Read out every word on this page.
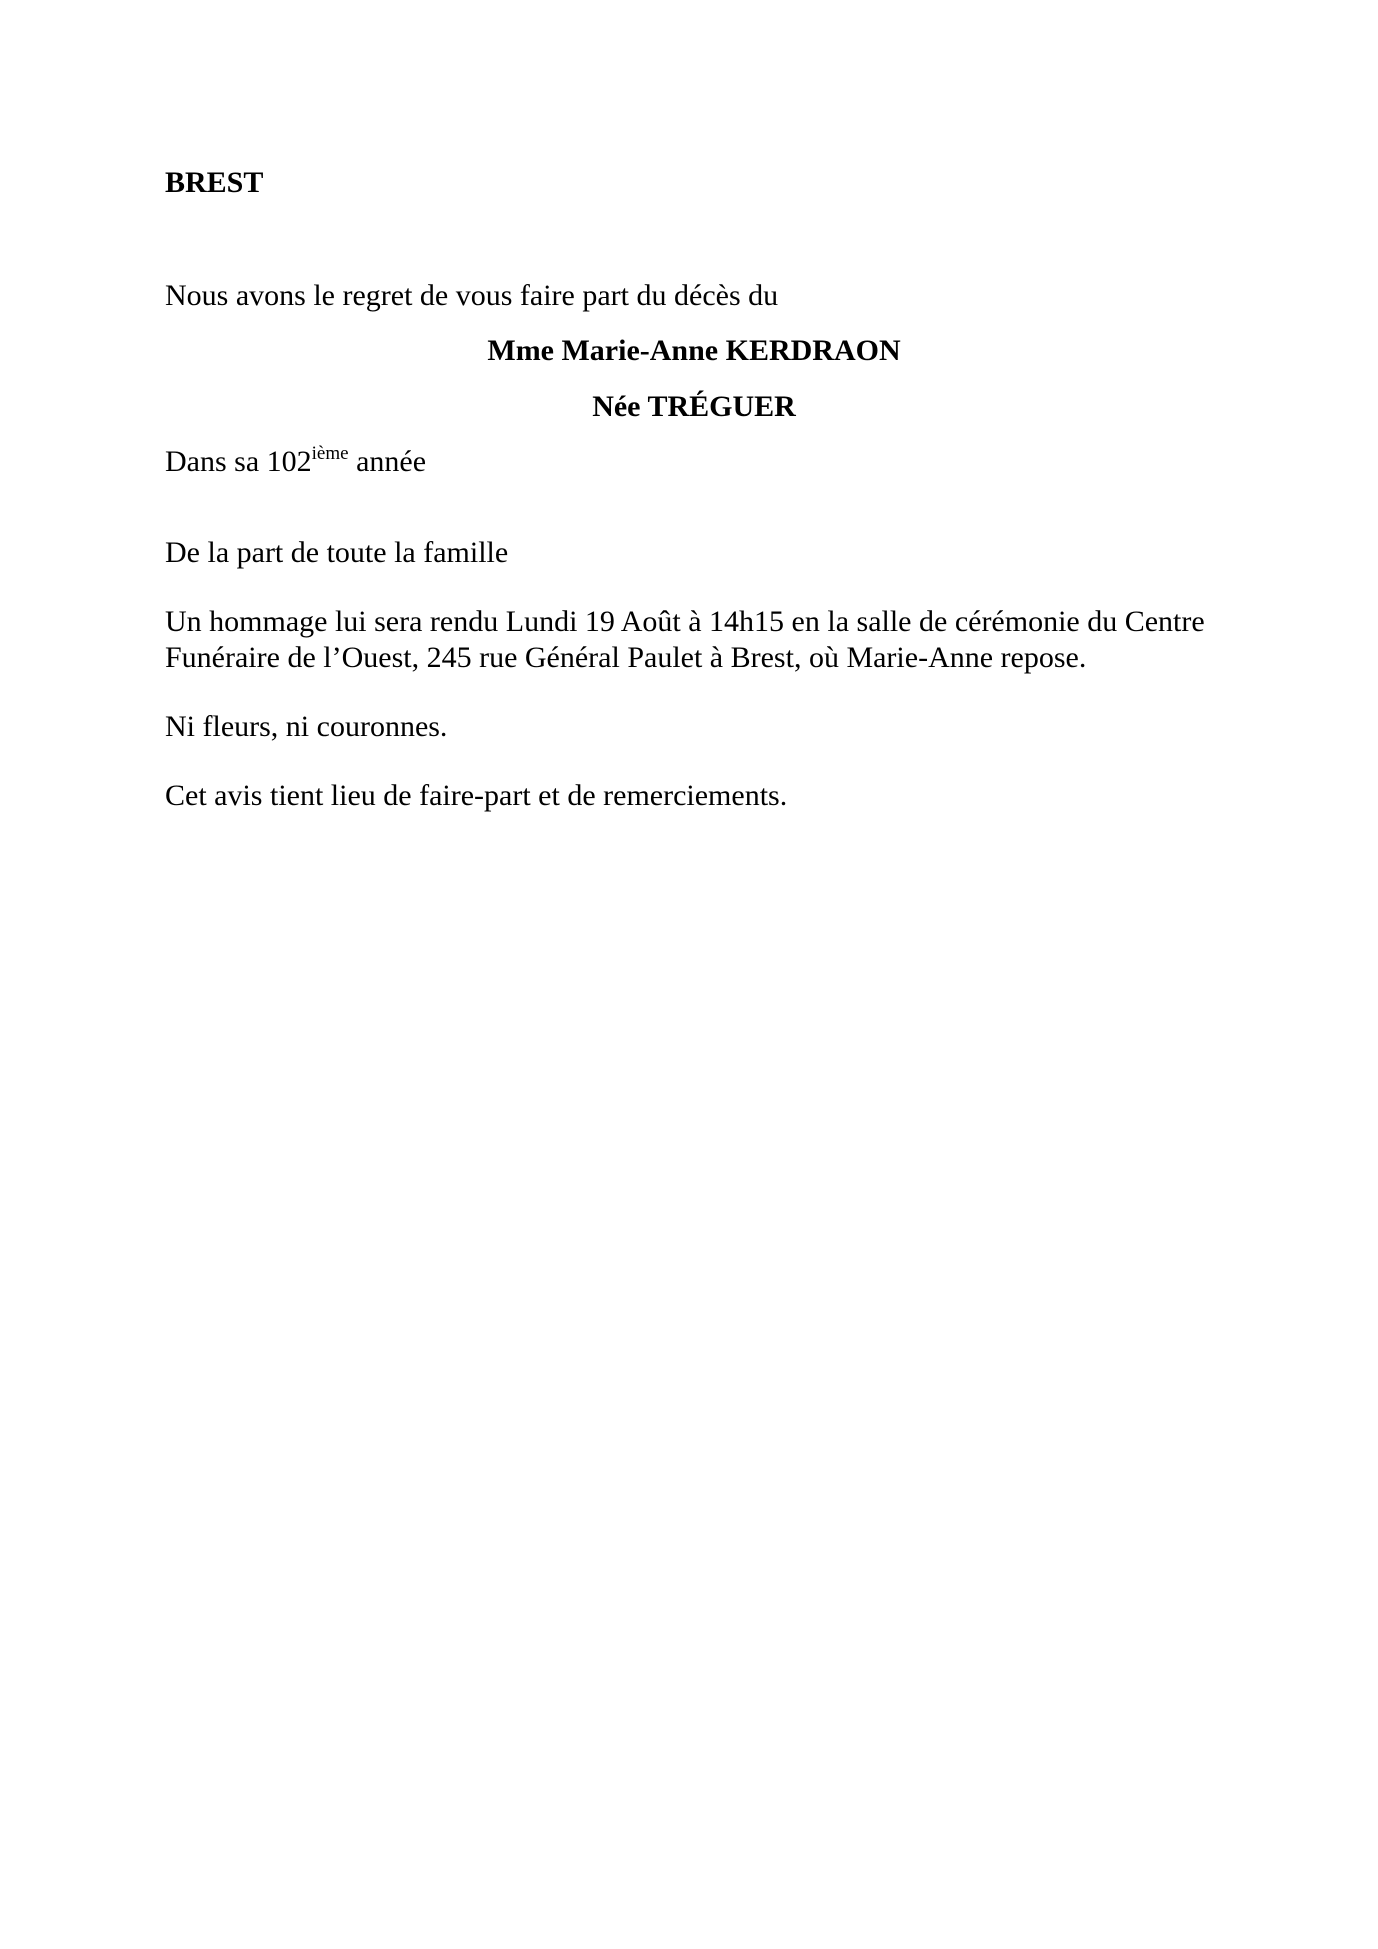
BREST

Nous avons le regret de vous faire part du décès du

Mme Marie-Anne KERDRAON

Née TRÉGUER

Dans sa 102ième année

De la part de toute la famille

Un hommage lui sera rendu Lundi 19 Août à 14h15 en la salle de cérémonie du Centre

Funéraire de l’Ouest, 245 rue Général Paulet à Brest, où Marie-Anne repose.

Ni fleurs, ni couronnes.

Cet avis tient lieu de faire-part et de remerciements.
